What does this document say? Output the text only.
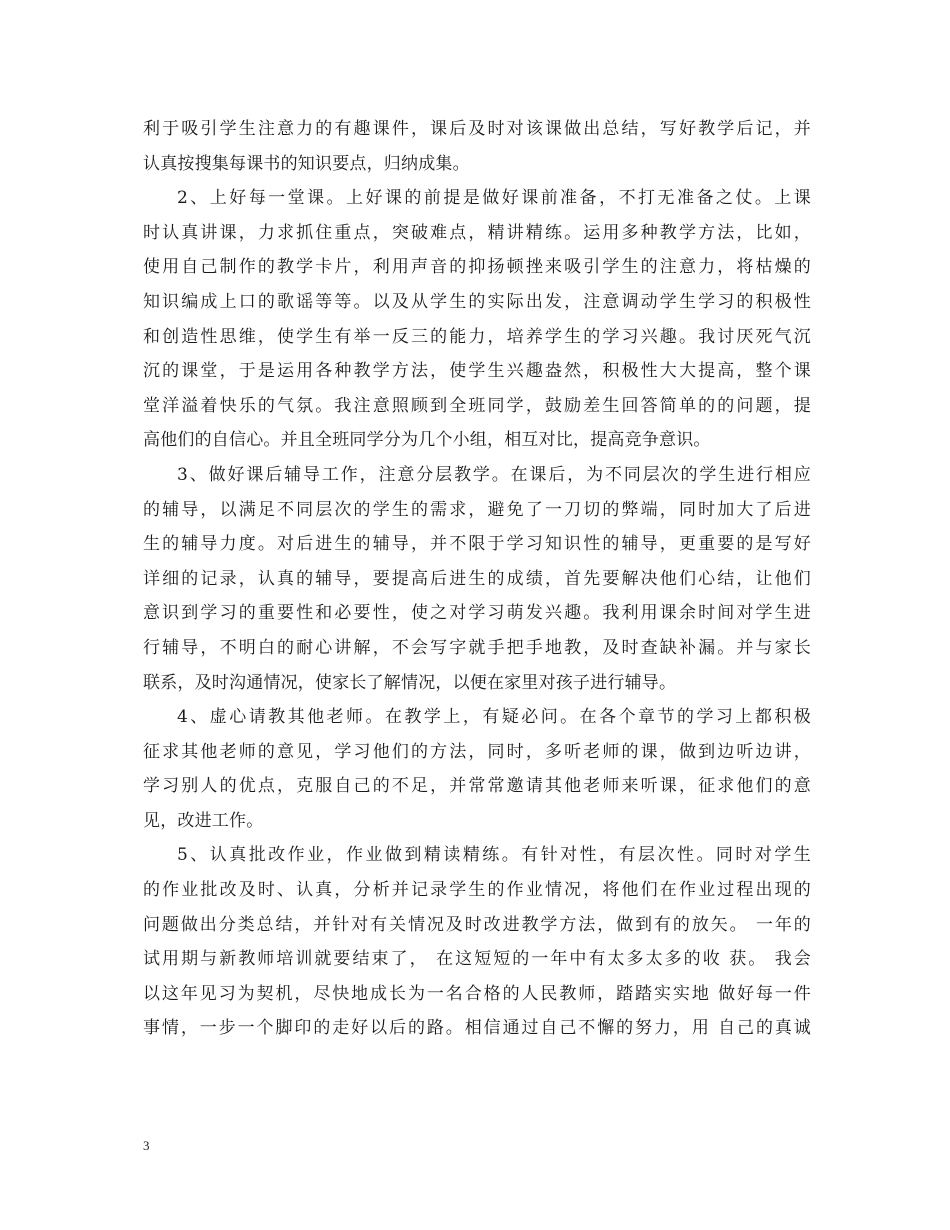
利于吸引学生注意力的有趣课件，课后及时对该课做出总结，写好教学后记，并
认真按搜集每课书的知识要点，归纳成集。
2、上好每一堂课。上好课的前提是做好课前准备，不打无准备之仗。上课
时认真讲课，力求抓住重点，突破难点，精讲精练。运用多种教学方法，比如，
使用自己制作的教学卡片，利用声音的抑扬顿挫来吸引学生的注意力，将枯燥的
知识编成上口的歌谣等等。以及从学生的实际出发，注意调动学生学习的积极性
和创造性思维，使学生有举一反三的能力，培养学生的学习兴趣。我讨厌死气沉
沉的课堂，于是运用各种教学方法，使学生兴趣盎然，积极性大大提高，整个课
堂洋溢着快乐的气氛。我注意照顾到全班同学，鼓励差生回答简单的的问题，提
高他们的自信心。并且全班同学分为几个小组，相互对比，提高竞争意识。
3、做好课后辅导工作，注意分层教学。在课后，为不同层次的学生进行相应
的辅导，以满足不同层次的学生的需求，避免了一刀切的弊端，同时加大了后进
生的辅导力度。对后进生的辅导，并不限于学习知识性的辅导，更重要的是写好
详细的记录，认真的辅导，要提高后进生的成绩，首先要解决他们心结，让他们
意识到学习的重要性和必要性，使之对学习萌发兴趣。我利用课余时间对学生进
行辅导，不明白的耐心讲解，不会写字就手把手地教，及时查缺补漏。并与家长
联系，及时沟通情况，使家长了解情况，以便在家里对孩子进行辅导。
4、虚心请教其他老师。在教学上，有疑必问。在各个章节的学习上都积极
征求其他老师的意见，学习他们的方法，同时，多听老师的课，做到边听边讲，
学习别人的优点，克服自己的不足，并常常邀请其他老师来听课，征求他们的意
见，改进工作。
5、认真批改作业，作业做到精读精练。有针对性，有层次性。同时对学生
的作业批改及时、认真，分析并记录学生的作业情况，将他们在作业过程出现的
问题做出分类总结，并针对有关情况及时改进教学方法，做到有的放矢。 一年的
试用期与新教师培训就要结束了， 在这短短的一年中有太多太多的收 获。 我会
以这年见习为契机，尽快地成长为一名合格的人民教师，踏踏实实地 做好每一件
事情，一步一个脚印的走好以后的路。相信通过自己不懈的努力，用 自己的真诚
3
